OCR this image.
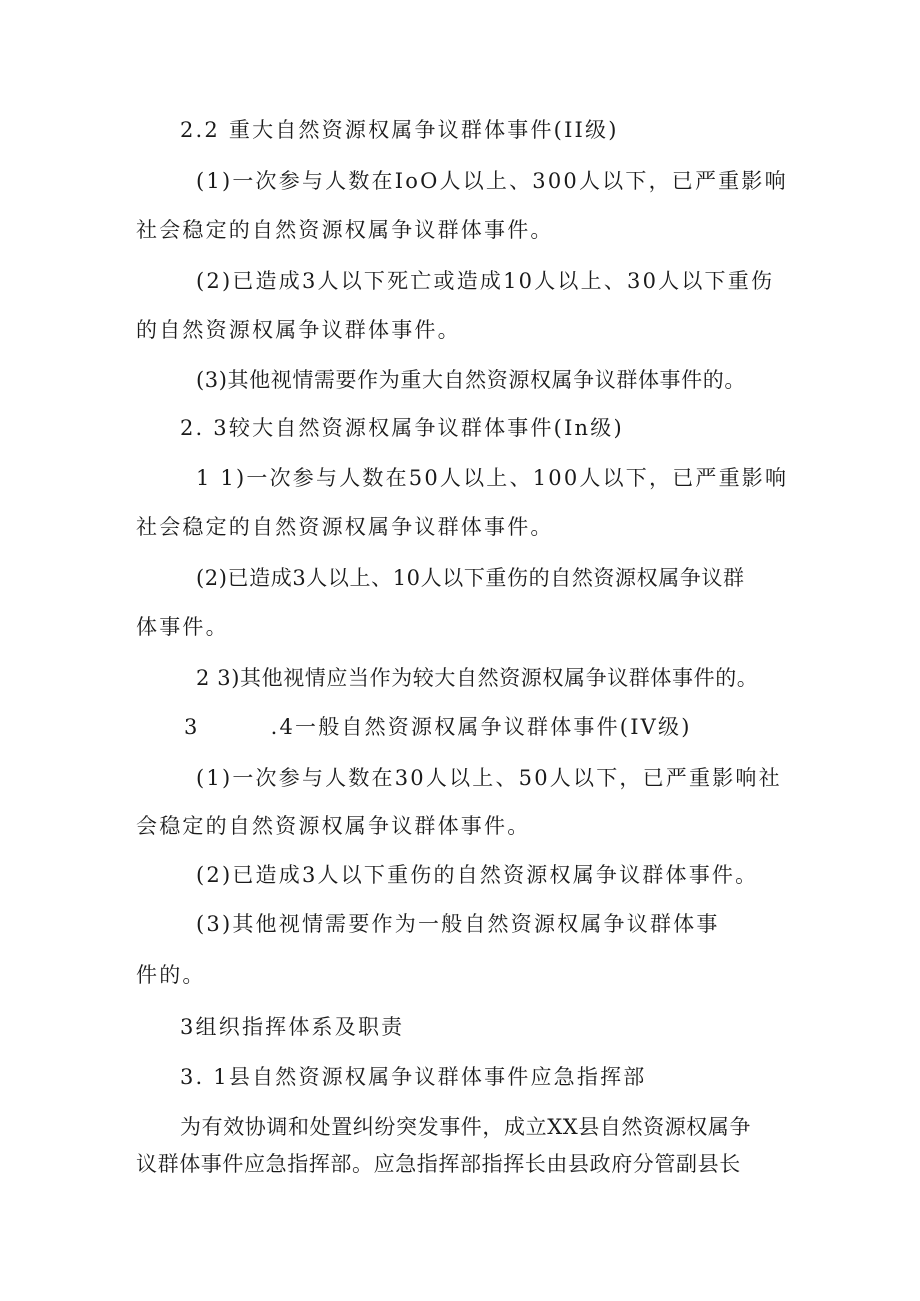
2.2 重大自然资源权属争议群体事件(II级)
(1)一次参与人数在IoO人以上、300人以下，已严重影响
社会稳定的自然资源权属争议群体事件。
(2)已造成3人以下死亡或造成10人以上、30人以下重伤
的自然资源权属争议群体事件。
(3)其他视情需要作为重大自然资源权属争议群体事件的。
2. 3较大自然资源权属争议群体事件(In级)
1 1)一次参与人数在50人以上、100人以下，已严重影响
社会稳定的自然资源权属争议群体事件。
(2)已造成3人以上、10人以下重伤的自然资源权属争议群
体事件。
2 3)其他视情应当作为较大自然资源权属争议群体事件的。
3        .4一般自然资源权属争议群体事件(IV级)
(1)一次参与人数在30人以上、50人以下，已严重影响社
会稳定的自然资源权属争议群体事件。
(2)已造成3人以下重伤的自然资源权属争议群体事件。
(3)其他视情需要作为一般自然资源权属争议群体事
件的。
3组织指挥体系及职责
3. 1县自然资源权属争议群体事件应急指挥部
为有效协调和处置纠纷突发事件，成立XX县自然资源权属争
议群体事件应急指挥部。应急指挥部指挥长由县政府分管副县长
